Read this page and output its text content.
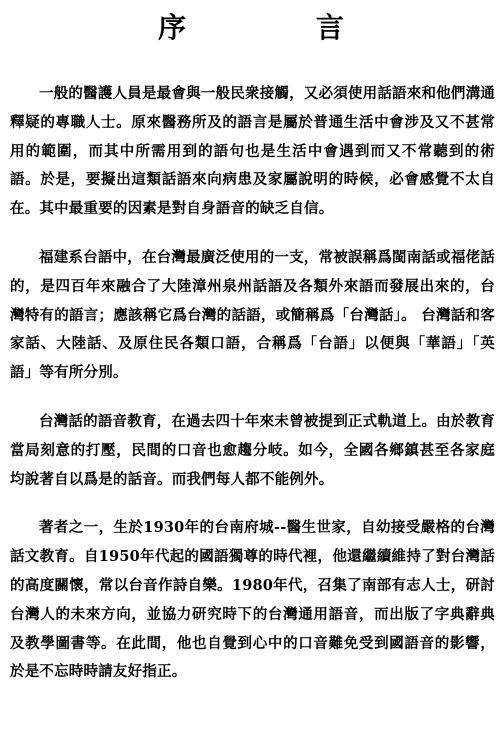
序 言

一般的醫護人員是最會與一般民衆接觸，又必須使用話語來和他們溝通釋疑的專職人士。原來醫務所及的語言是屬於普通生活中會涉及又不甚常用的範圍，而其中所需用到的語句也是生活中會遇到而又不常聽到的術語。於是，要擬出這類話語來向病患及家屬說明的時候，必會感覺不太自在。其中最重要的因素是對自身語音的缺乏自信。

福建系台語中，在台灣最廣泛使用的一支，常被誤稱爲閩南話或福佬話的，是四百年來融合了大陸漳州泉州話語及各類外來語而發展出來的，台灣特有的語言；應該稱它爲台灣的話語，或簡稱爲「台灣話」。 台灣話和客家話、大陸話、及原住民各類口語，合稱爲「台語」以便與「華語」「英語」等有所分別。

台灣話的語音教育，在過去四十年來未曾被提到正式軌道上。由於教育當局刻意的打壓，民間的口音也愈趨分岐。如今，全國各鄉鎮甚至各家庭均說著自以爲是的話音。而我們每人都不能例外。

著者之一，生於1930年的台南府城--醫生世家，自幼接受嚴格的台灣話文教育。自1950年代起的國語獨尊的時代裡，他還繼續維持了對台灣話的高度關懷，常以台音作詩自樂。1980年代，召集了南部有志人士，研討台灣人的未來方向，並協力研究時下的台灣通用語音，而出版了字典辭典及教學圖書等。在此間，他也自覺到心中的口音難免受到國語音的影響，於是不忘時時請友好指正。
